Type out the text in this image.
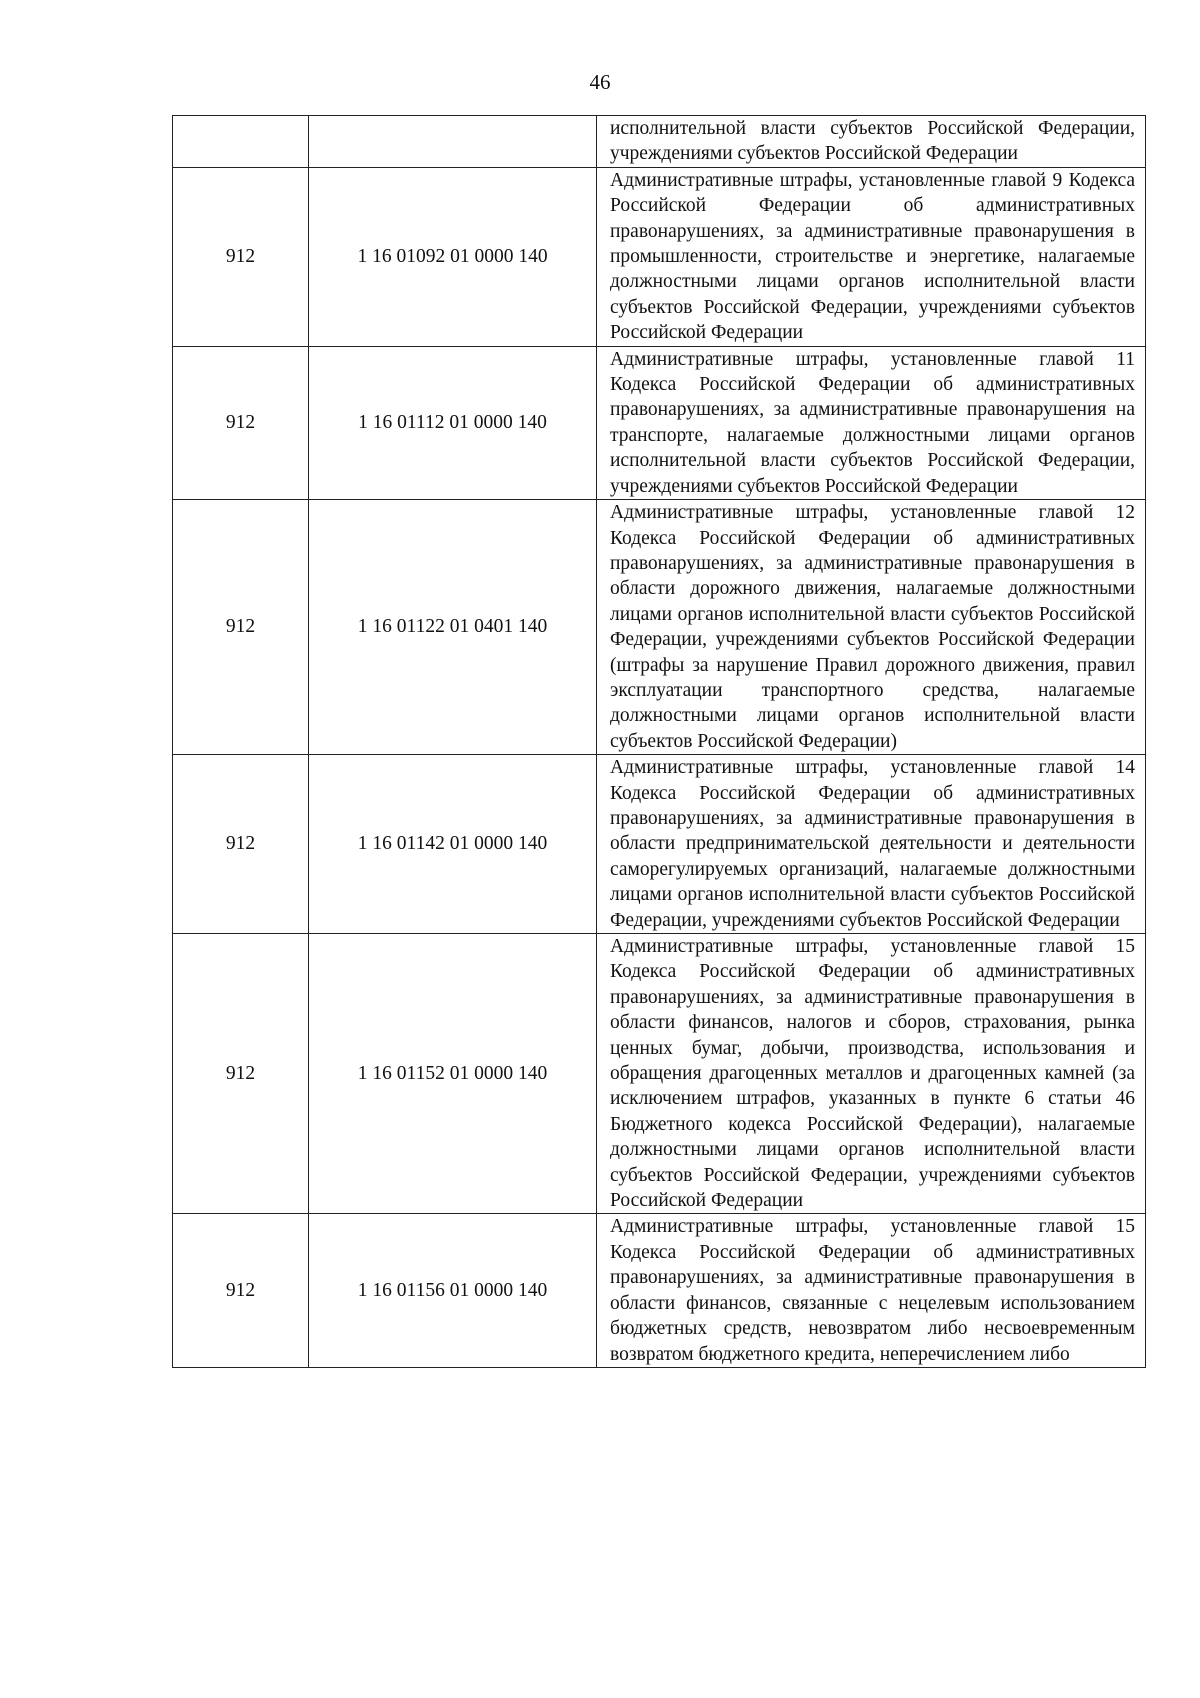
46
		исполнительной власти субъектов Российской Федерации, учреждениями субъектов Российской Федерации
912	1 16 01092 01 0000 140	Административные штрафы, установленные главой 9 Кодекса Российской Федерации об административных правонарушениях, за административные правонарушения в промышленности, строительстве и энергетике, налагаемые должностными лицами органов исполнительной власти субъектов Российской Федерации, учреждениями субъектов Российской Федерации
912	1 16 01112 01 0000 140	Административные штрафы, установленные главой 11 Кодекса Российской Федерации об административных правонарушениях, за административные правонарушения на транспорте, налагаемые должностными лицами органов исполнительной власти субъектов Российской Федерации, учреждениями субъектов Российской Федерации
912	1 16 01122 01 0401 140	Административные штрафы, установленные главой 12 Кодекса Российской Федерации об административных правонарушениях, за административные правонарушения в области дорожного движения, налагаемые должностными лицами органов исполнительной власти субъектов Российской Федерации, учреждениями субъектов Российской Федерации (штрафы за нарушение Правил дорожного движения, правил эксплуатации транспортного средства, налагаемые должностными лицами органов исполнительной власти субъектов Российской Федерации)
912	1 16 01142 01 0000 140	Административные штрафы, установленные главой 14 Кодекса Российской Федерации об административных правонарушениях, за административные правонарушения в области предпринимательской деятельности и деятельности саморегулируемых организаций, налагаемые должностными лицами органов исполнительной власти субъектов Российской Федерации, учреждениями субъектов Российской Федерации
912	1 16 01152 01 0000 140	Административные штрафы, установленные главой 15 Кодекса Российской Федерации об административных правонарушениях, за административные правонарушения в области финансов, налогов и сборов, страхования, рынка ценных бумаг, добычи, производства, использования и обращения драгоценных металлов и драгоценных камней (за исключением штрафов, указанных в пункте 6 статьи 46 Бюджетного кодекса Российской Федерации), налагаемые должностными лицами органов исполнительной власти субъектов Российской Федерации, учреждениями субъектов Российской Федерации
912	1 16 01156 01 0000 140	Административные штрафы, установленные главой 15 Кодекса Российской Федерации об административных правонарушениях, за административные правонарушения в области финансов, связанные с нецелевым использованием бюджетных средств, невозвратом либо несвоевременным возвратом бюджетного кредита, неперечислением либо
